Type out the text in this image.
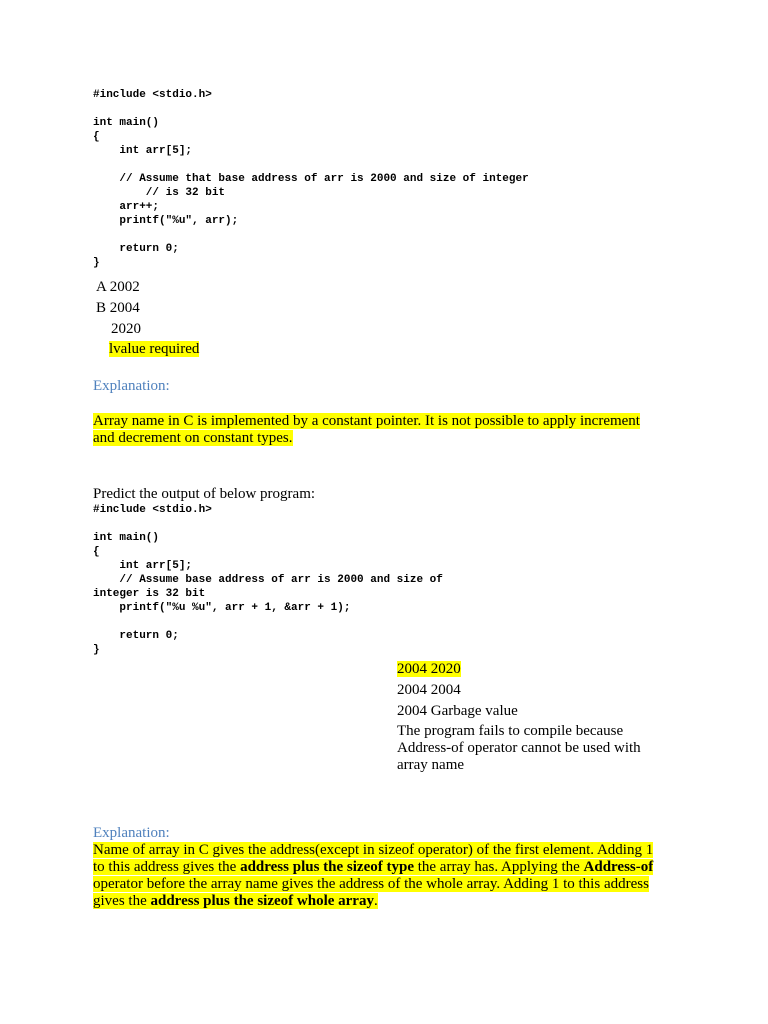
#include <stdio.h>

int main()
{
int arr[5];

// Assume that base address of arr is 2000 and size of integer
// is 32 bit
arr++;
printf("%u", arr);

return 0;
}

A 2002
B 2004
2020
lvalue required
Explanation:
Array name in C is implemented by a constant pointer. It is not possible to apply increment
and decrement on constant types.
Predict the output of below program:
#include <stdio.h>

int main()
{
int arr[5];
// Assume base address of arr is 2000 and size of
integer is 32 bit
printf("%u %u", arr + 1, &arr + 1);

return 0;
}

2004 2020
2004 2004
2004 Garbage value
The program fails to compile because
Address-of operator cannot be used with
array name
Explanation:
Name of array in C gives the address(except in sizeof operator) of the first element. Adding 1
to this address gives the address plus the sizeof type the array has. Applying the Address-of
operator before the array name gives the address of the whole array. Adding 1 to this address
gives the address plus the sizeof whole array.
